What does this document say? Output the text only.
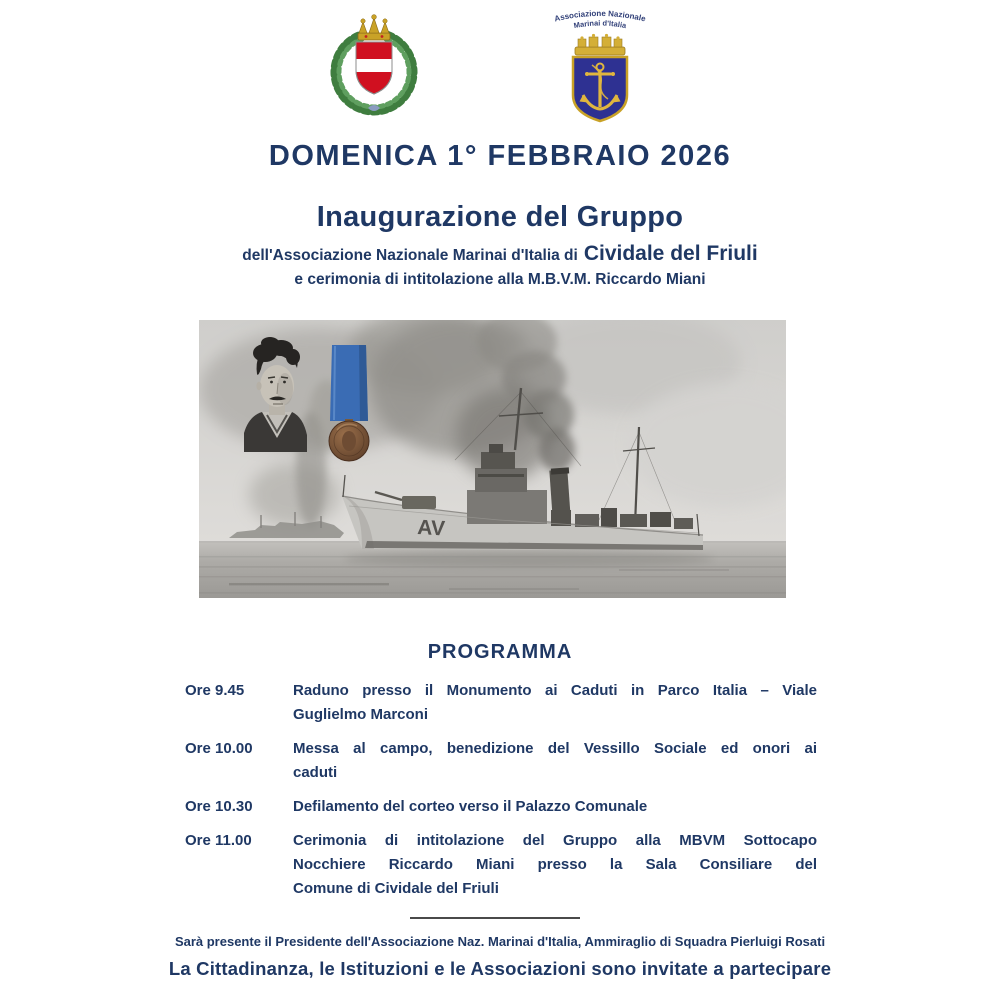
Associazione Nazionale
Marinai d'Italia
DOMENICA 1° FEBBRAIO 2026
Inaugurazione del Gruppo
dell'Associazione Nazionale Marinai d'Italia di Cividale del Friuli
e cerimonia di intitolazione alla M.B.V.M. Riccardo Miani
AV
PROGRAMMA
Ore 9.45	Raduno presso il Monumento ai Caduti in Parco Italia – Viale
Guglielmo Marconi
Ore 10.00	Messa al campo, benedizione del Vessillo Sociale ed onori ai
caduti
Ore 10.30	Defilamento del corteo verso il Palazzo Comunale
Ore 11.00	Cerimonia di intitolazione del Gruppo alla MBVM Sottocapo
Nocchiere Riccardo Miani presso la Sala Consiliare del
Comune di Cividale del Friuli
Sarà presente il Presidente dell'Associazione Naz. Marinai d'Italia, Ammiraglio di Squadra Pierluigi Rosati
La Cittadinanza, le Istituzioni e le Associazioni sono invitate a partecipare
